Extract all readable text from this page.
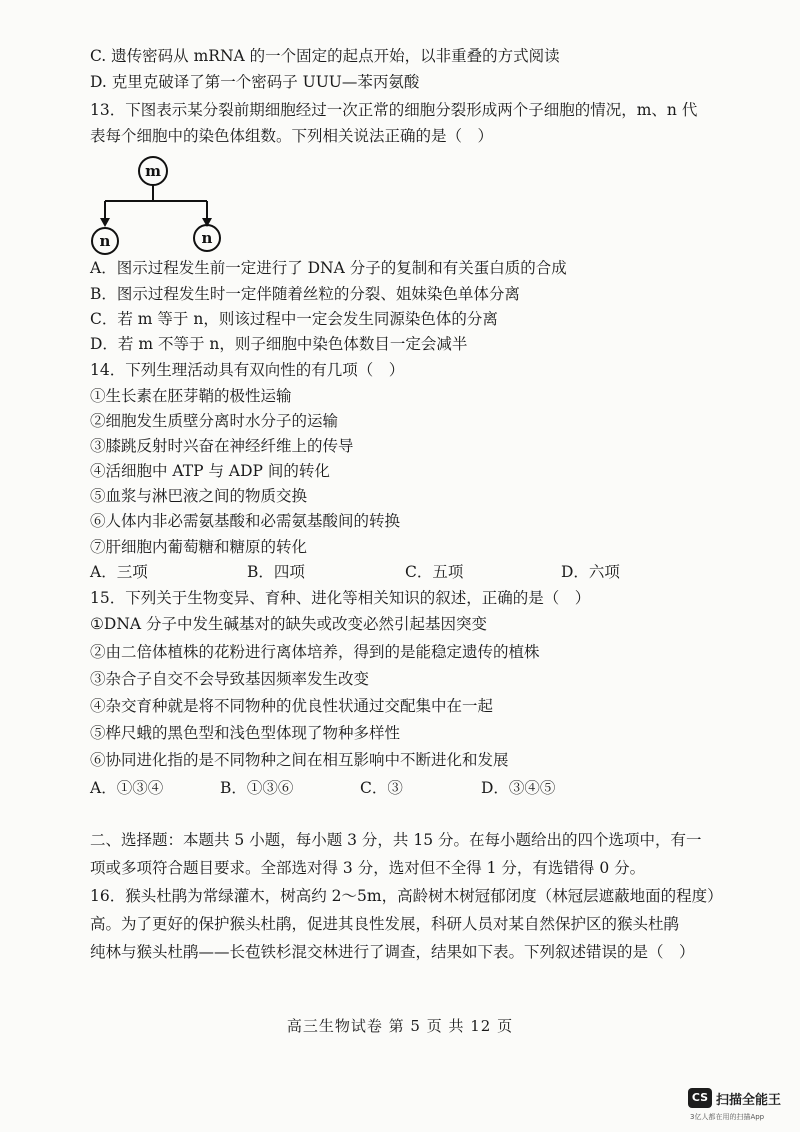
C. 遗传密码从 mRNA 的一个固定的起点开始，以非重叠的方式阅读
D. 克里克破译了第一个密码子 UUU—苯丙氨酸
13．下图表示某分裂前期细胞经过一次正常的细胞分裂形成两个子细胞的情况，m、n 代
表每个细胞中的染色体组数。下列相关说法正确的是（　）
m
n	n
A．图示过程发生前一定进行了 DNA 分子的复制和有关蛋白质的合成
B．图示过程发生时一定伴随着丝粒的分裂、姐妹染色单体分离
C．若 m 等于 n，则该过程中一定会发生同源染色体的分离
D．若 m 不等于 n，则子细胞中染色体数目一定会减半
14．下列生理活动具有双向性的有几项（　）
①生长素在胚芽鞘的极性运输
②细胞发生质壁分离时水分子的运输
③膝跳反射时兴奋在神经纤维上的传导
④活细胞中 ATP 与 ADP 间的转化
⑤血浆与淋巴液之间的物质交换
⑥人体内非必需氨基酸和必需氨基酸间的转换
⑦肝细胞内葡萄糖和糖原的转化
A．三项	B．四项	C．五项	D．六项
15．下列关于生物变异、育种、进化等相关知识的叙述，正确的是（　）
①DNA 分子中发生碱基对的缺失或改变必然引起基因突变
②由二倍体植株的花粉进行离体培养，得到的是能稳定遗传的植株
③杂合子自交不会导致基因频率发生改变
④杂交育种就是将不同物种的优良性状通过交配集中在一起
⑤桦尺蛾的黑色型和浅色型体现了物种多样性
⑥协同进化指的是不同物种之间在相互影响中不断进化和发展
A．①③④	B．①③⑥	C．③	D．③④⑤
二、选择题：本题共 5 小题，每小题 3 分，共 15 分。在每小题给出的四个选项中，有一
项或多项符合题目要求。全部选对得 3 分，选对但不全得 1 分，有选错得 0 分。
16．猴头杜鹃为常绿灌木，树高约 2～5m，高龄树木树冠郁闭度（林冠层遮蔽地面的程度）
高。为了更好的保护猴头杜鹃，促进其良性发展，科研人员对某自然保护区的猴头杜鹃
纯林与猴头杜鹃——长苞铁杉混交林进行了调查，结果如下表。下列叙述错误的是（　）
高三生物试卷 第 5 页 共 12 页
CS 扫描全能王
3亿人都在用的扫描App
